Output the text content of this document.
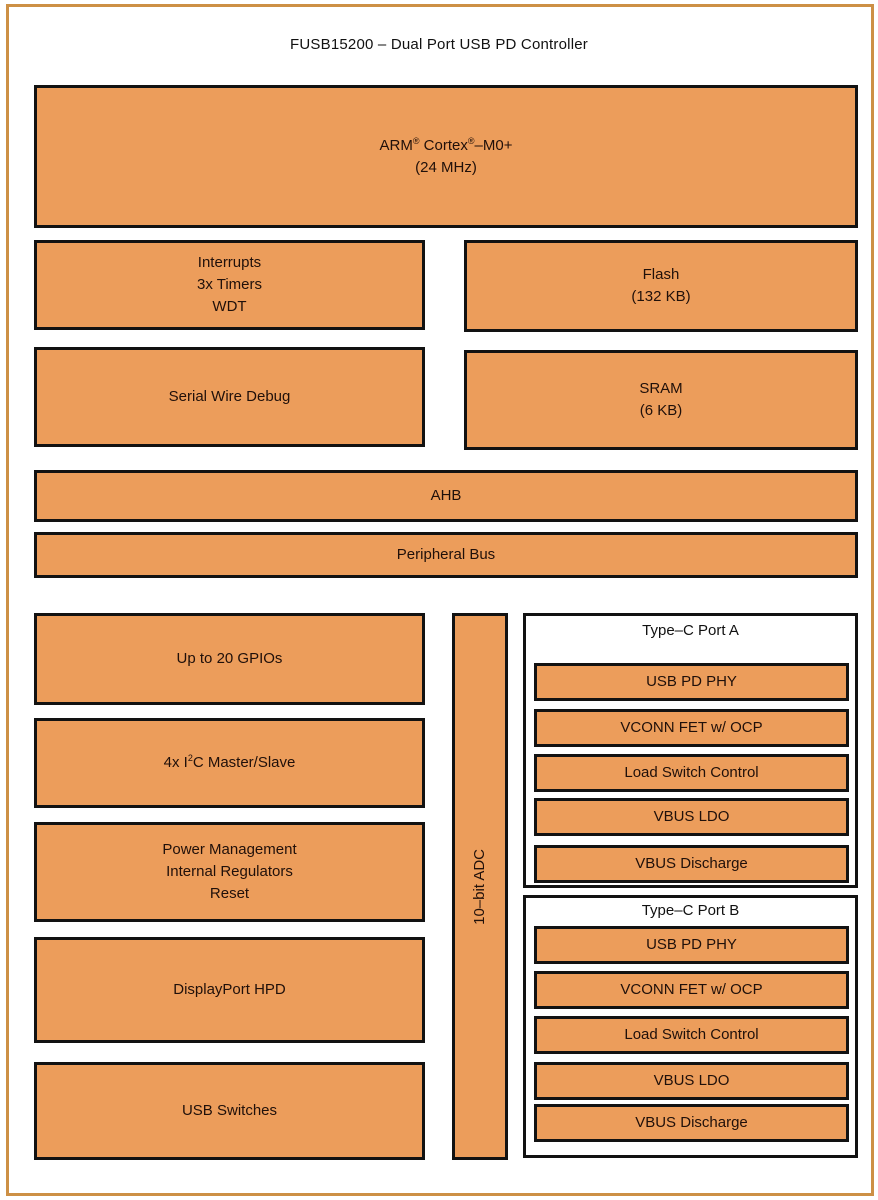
FUSB15200 – Dual Port USB PD Controller
ARM® Cortex®–M0+
(24 MHz)
Interrupts
3x Timers
WDT
Flash
(132 KB)
Serial Wire Debug	SRAM
(6 KB)
AHB
Peripheral Bus
Up to 20 GPIOs
4x $I^2C$ Master/Slave
Power Management
Internal Regulators
Reset
DisplayPort HPD
USB Switches
10–bit ADC
Type–C Port A
USB PD PHY
VCONN FET w/ OCP
Load Switch Control
VBUS LDO
VBUS Discharge
Type–C Port B
USB PD PHY
VCONN FET w/ OCP
Load Switch Control
VBUS LDO
VBUS Discharge
